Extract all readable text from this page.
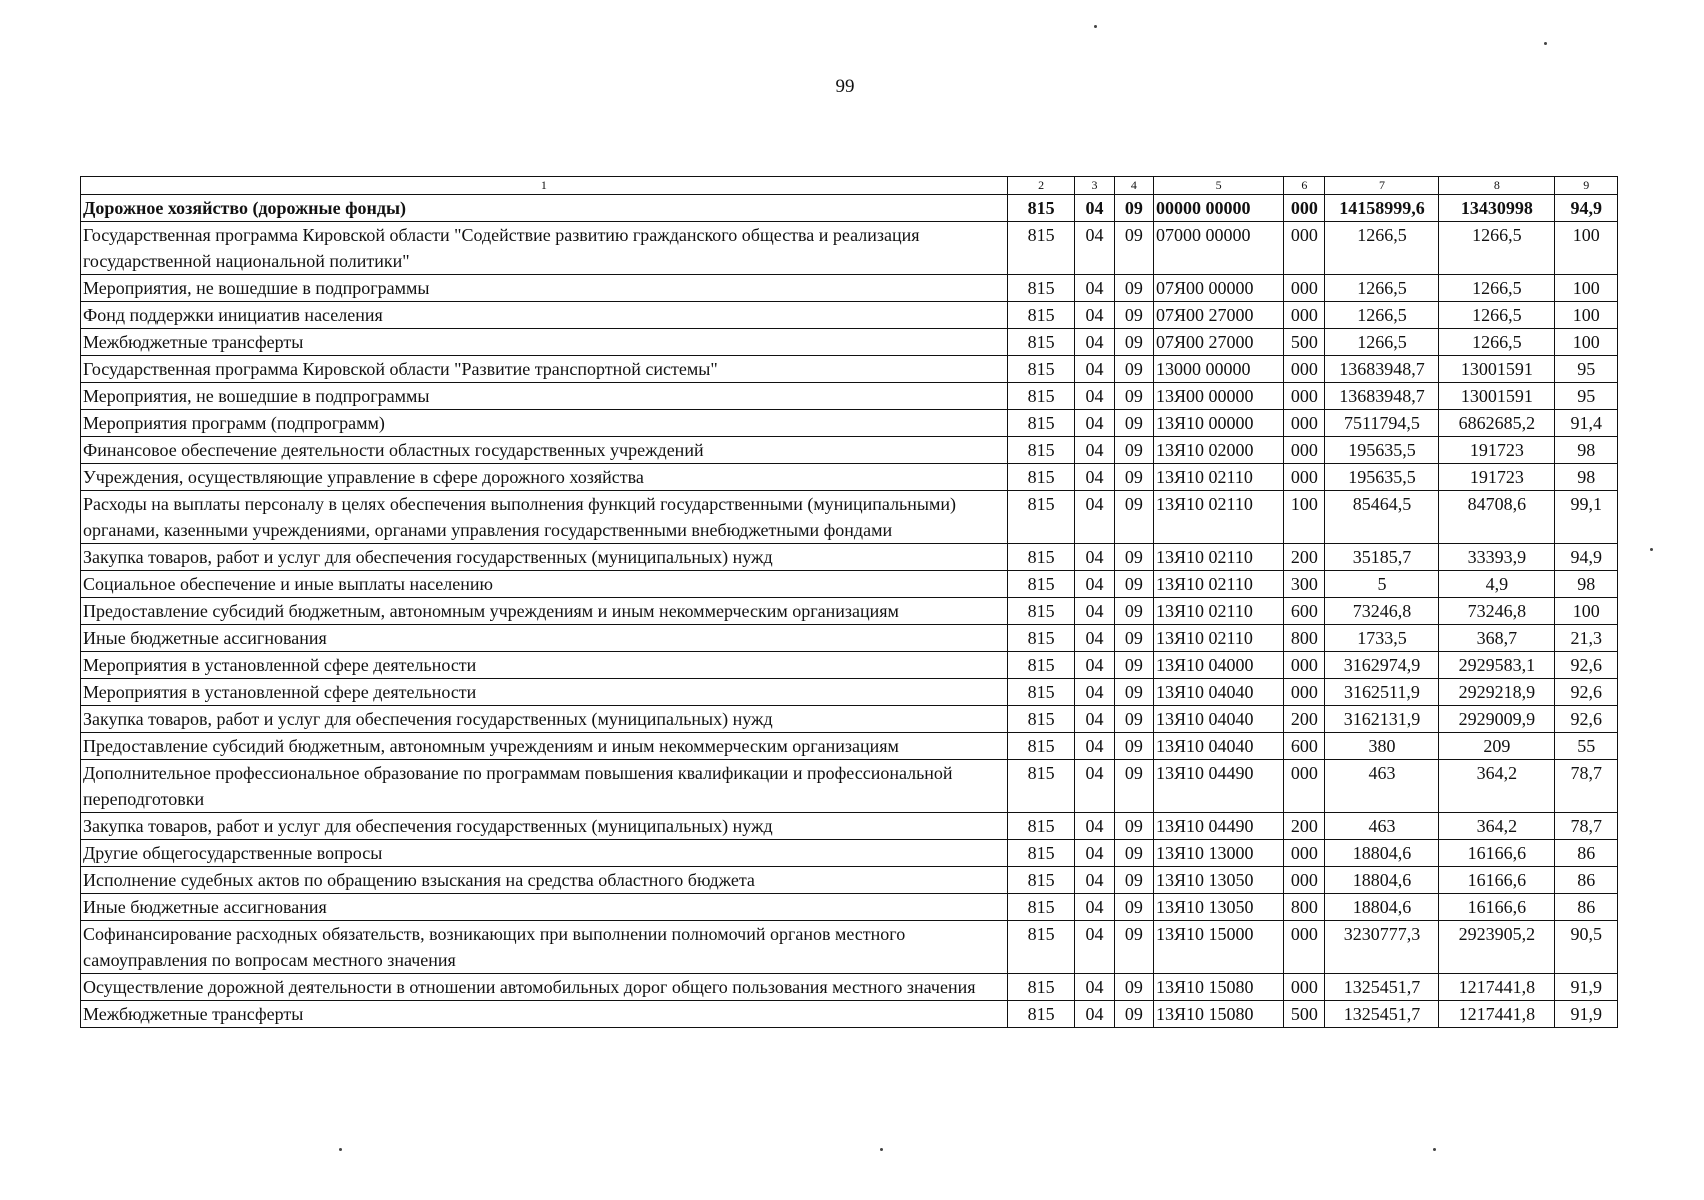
99
1	2	3	4	5	6	7	8	9
Дорожное хозяйство (дорожные фонды)	815	04	09	00000 00000	000	14158999,6	13430998	94,9
Государственная программа Кировской области "Содействие развитию гражданского общества и реализация государственной национальной политики"	815	04	09	07000 00000	000	1266,5	1266,5	100
Мероприятия, не вошедшие в подпрограммы	815	04	09	07Я00 00000	000	1266,5	1266,5	100
Фонд поддержки инициатив населения	815	04	09	07Я00 27000	000	1266,5	1266,5	100
Межбюджетные трансферты	815	04	09	07Я00 27000	500	1266,5	1266,5	100
Государственная программа Кировской области "Развитие транспортной системы"	815	04	09	13000 00000	000	13683948,7	13001591	95
Мероприятия, не вошедшие в подпрограммы	815	04	09	13Я00 00000	000	13683948,7	13001591	95
Мероприятия программ (подпрограмм)	815	04	09	13Я10 00000	000	7511794,5	6862685,2	91,4
Финансовое обеспечение деятельности областных государственных учреждений	815	04	09	13Я10 02000	000	195635,5	191723	98
Учреждения, осуществляющие управление в сфере дорожного хозяйства	815	04	09	13Я10 02110	000	195635,5	191723	98
Расходы на выплаты персоналу в целях обеспечения выполнения функций государственными (муниципальными) органами, казенными учреждениями, органами управления государственными внебюджетными фондами	815	04	09	13Я10 02110	100	85464,5	84708,6	99,1
Закупка товаров, работ и услуг для обеспечения государственных (муниципальных) нужд	815	04	09	13Я10 02110	200	35185,7	33393,9	94,9
Социальное обеспечение и иные выплаты населению	815	04	09	13Я10 02110	300	5	4,9	98
Предоставление субсидий бюджетным, автономным учреждениям и иным некоммерческим организациям	815	04	09	13Я10 02110	600	73246,8	73246,8	100
Иные бюджетные ассигнования	815	04	09	13Я10 02110	800	1733,5	368,7	21,3
Мероприятия в установленной сфере деятельности	815	04	09	13Я10 04000	000	3162974,9	2929583,1	92,6
Мероприятия в установленной сфере деятельности	815	04	09	13Я10 04040	000	3162511,9	2929218,9	92,6
Закупка товаров, работ и услуг для обеспечения государственных (муниципальных) нужд	815	04	09	13Я10 04040	200	3162131,9	2929009,9	92,6
Предоставление субсидий бюджетным, автономным учреждениям и иным некоммерческим организациям	815	04	09	13Я10 04040	600	380	209	55
Дополнительное профессиональное образование по программам повышения квалификации и профессиональной переподготовки	815	04	09	13Я10 04490	000	463	364,2	78,7
Закупка товаров, работ и услуг для обеспечения государственных (муниципальных) нужд	815	04	09	13Я10 04490	200	463	364,2	78,7
Другие общегосударственные вопросы	815	04	09	13Я10 13000	000	18804,6	16166,6	86
Исполнение судебных актов по обращению взыскания на средства областного бюджета	815	04	09	13Я10 13050	000	18804,6	16166,6	86
Иные бюджетные ассигнования	815	04	09	13Я10 13050	800	18804,6	16166,6	86
Софинансирование расходных обязательств, возникающих при выполнении полномочий органов местного самоуправления по вопросам местного значения	815	04	09	13Я10 15000	000	3230777,3	2923905,2	90,5
Осуществление дорожной деятельности в отношении автомобильных дорог общего пользования местного значения	815	04	09	13Я10 15080	000	1325451,7	1217441,8	91,9
Межбюджетные трансферты	815	04	09	13Я10 15080	500	1325451,7	1217441,8	91,9
